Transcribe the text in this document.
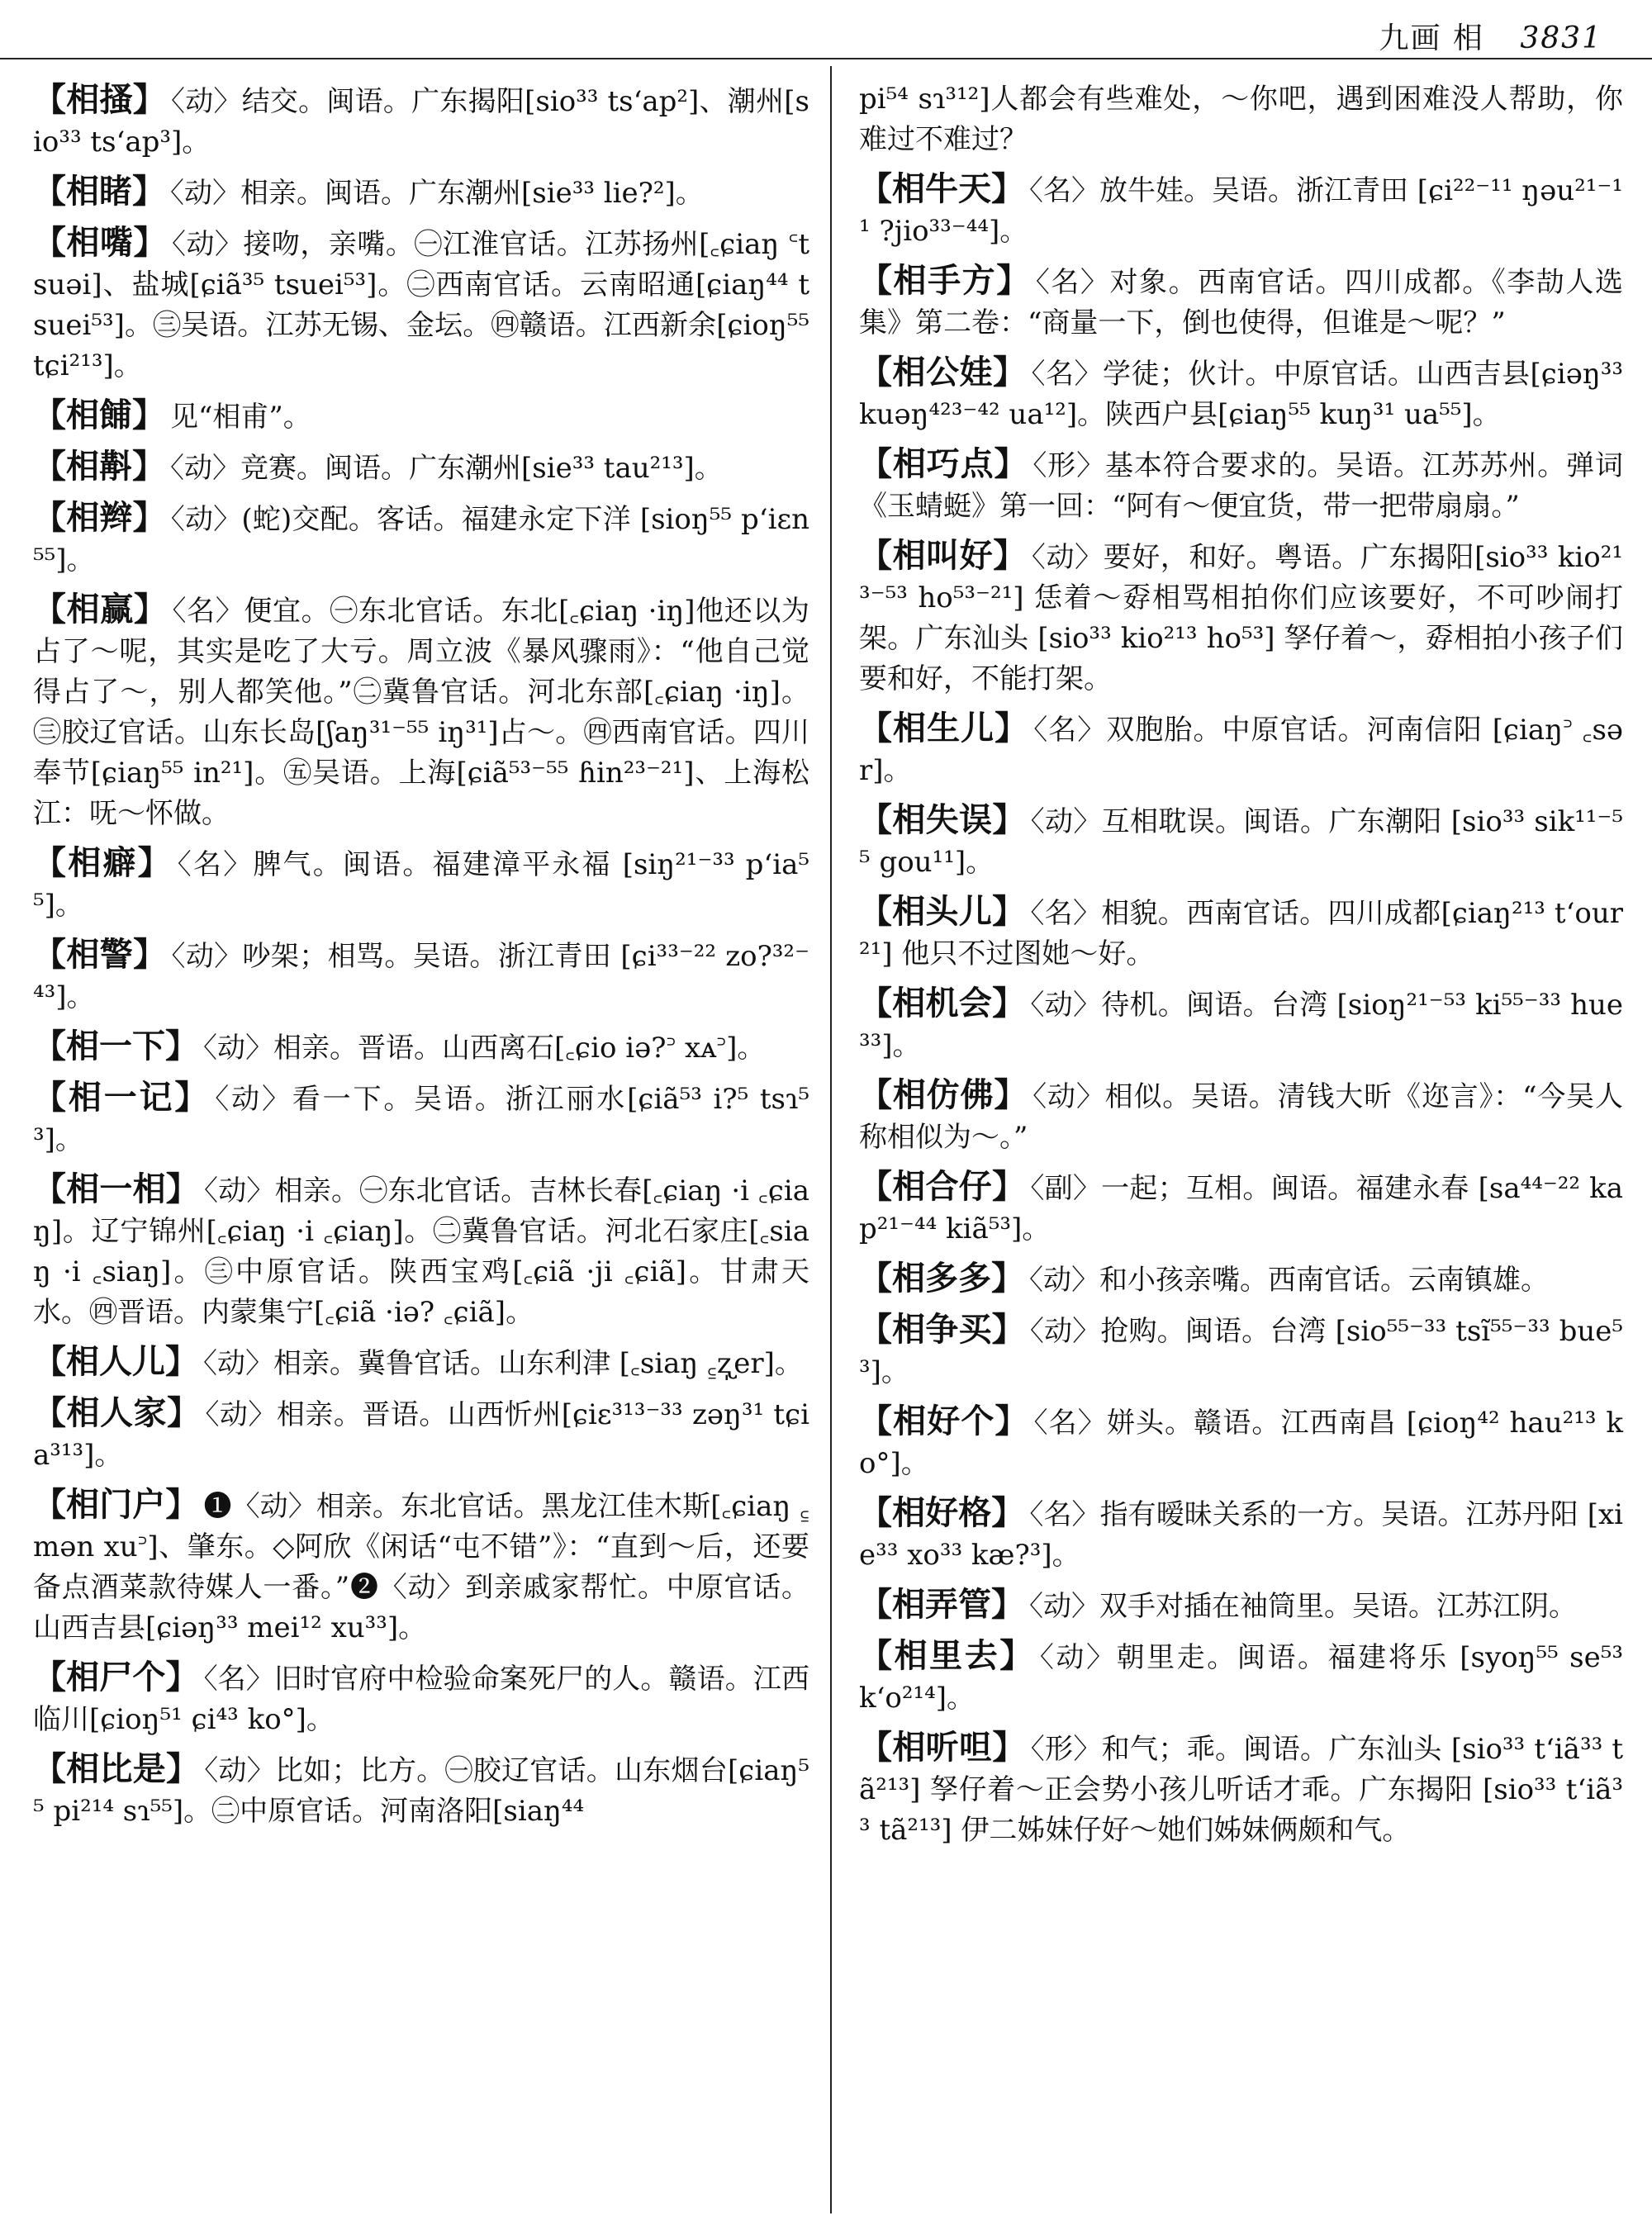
九画 相 3831

【相搔】 〈动〉结交。闽语。广东揭阳[sio³³ ts‘ap²]、潮州[sio³³ ts‘ap³]。

【相睹】 〈动〉相亲。闽语。广东潮州[sie³³ lie?²]。

【相嘴】 〈动〉接吻，亲嘴。㊀江淮官话。江苏扬州[꜀ɕiaŋ ꜂tsuəi]、盐城[ɕiã³⁵ tsuei⁵³]。㊁西南官话。云南昭通[ɕiaŋ⁴⁴ tsuei⁵³]。㊂吴语。江苏无锡、金坛。㊃赣语。江西新余[ɕioŋ⁵⁵ tɕi²¹³]。

【相餔】 见“相甫”。

【相斠】 〈动〉竞赛。闽语。广东潮州[sie³³ tau²¹³]。

【相辫】 〈动〉(蛇)交配。客话。福建永定下洋 [sioŋ⁵⁵ p‘iɛn⁵⁵]。

【相赢】 〈名〉便宜。㊀东北官话。东北[꜀ɕiaŋ ·iŋ]他还以为占了～呢，其实是吃了大亏。周立波《暴风骤雨》：“他自己觉得占了～，别人都笑他。”㊁冀鲁官话。河北东部[꜀ɕiaŋ ·iŋ]。㊂胶辽官话。山东长岛[ʃaŋ³¹⁻⁵⁵ iŋ³¹]占～。㊃西南官话。四川奉节[ɕiaŋ⁵⁵ in²¹]。㊄吴语。上海[ɕiã⁵³⁻⁵⁵ ɦin²³⁻²¹]、上海松江：呒～怀做。

【相癖】 〈名〉脾气。闽语。福建漳平永福 [siŋ²¹⁻³³ p‘ia⁵⁵]。

【相警】 〈动〉吵架；相骂。吴语。浙江青田 [ɕi³³⁻²² zo?³²⁻⁴³]。

【相一下】 〈动〉相亲。晋语。山西离石[꜀ɕio iə?꜄ xᴀ꜄]。

【相一记】 〈动〉看一下。吴语。浙江丽水[ɕiã⁵³ i?⁵ tsɿ⁵³]。

【相一相】 〈动〉相亲。㊀东北官话。吉林长春[꜀ɕiaŋ ·i ꜀ɕiaŋ]。辽宁锦州[꜀ɕiaŋ ·i ꜀ɕiaŋ]。㊁冀鲁官话。河北石家庄[꜀siaŋ ·i ꜀siaŋ]。㊂中原官话。陕西宝鸡[꜀ɕiã ·ji ꜀ɕiã]。甘肃天水。㊃晋语。内蒙集宁[꜀ɕiã ·iə? ꜀ɕiã]。

【相人儿】 〈动〉相亲。冀鲁官话。山东利津 [꜀siaŋ ꜁ʐ̩er]。

【相人家】 〈动〉相亲。晋语。山西忻州[ɕiɛ³¹³⁻³³ zəŋ³¹ tɕia³¹³]。

【相门户】 ❶〈动〉相亲。东北官话。黑龙江佳木斯[꜀ɕiaŋ ꜁mən xu꜄]、肇东。◇阿欣《闲话“屯不错”》：“直到～后，还要备点酒菜款待媒人一番。”❷〈动〉到亲戚家帮忙。中原官话。山西吉县[ɕiəŋ³³ mei¹² xu³³]。

【相尸个】 〈名〉旧时官府中检验命案死尸的人。赣语。江西临川[ɕioŋ⁵¹ ɕi⁴³ ko°]。

【相比是】 〈动〉比如；比方。㊀胶辽官话。山东烟台[ɕiaŋ⁵⁵ pi²¹⁴ sɿ⁵⁵]。㊁中原官话。河南洛阳[siaŋ⁴⁴

pi⁵⁴ sɿ³¹²]人都会有些难处，～你吧，遇到困难没人帮助，你难过不难过？

【相牛天】 〈名〉放牛娃。吴语。浙江青田 [ɕi²²⁻¹¹ ŋəu²¹⁻¹¹ ?jio³³⁻⁴⁴]。

【相手方】 〈名〉对象。西南官话。四川成都。《李劼人选集》第二卷：“商量一下，倒也使得，但谁是～呢？”

【相公娃】 〈名〉学徒；伙计。中原官话。山西吉县[ɕiəŋ³³ kuəŋ⁴²³⁻⁴² ua¹²]。陕西户县[ɕiaŋ⁵⁵ kuŋ³¹ ua⁵⁵]。

【相巧点】 〈形〉基本符合要求的。吴语。江苏苏州。弹词《玉蜻蜓》第一回：“阿有～便宜货，带一把带扇扇。”

【相叫好】 〈动〉要好，和好。粤语。广东揭阳[sio³³ kio²¹³⁻⁵³ ho⁵³⁻²¹] 恁着～孬相骂相拍你们应该要好，不可吵闹打架。广东汕头 [sio³³ kio²¹³ ho⁵³] 孥仔着～，孬相拍小孩子们要和好，不能打架。

【相生儿】 〈名〉双胞胎。中原官话。河南信阳 [ɕiaŋ꜄ ꜀sər]。

【相失误】 〈动〉互相耽误。闽语。广东潮阳 [sio³³ sik¹¹⁻⁵⁵ gou¹¹]。

【相头儿】 〈名〉相貌。西南官话。四川成都[ɕiaŋ²¹³ t‘our²¹] 他只不过图她～好。

【相机会】 〈动〉待机。闽语。台湾 [sioŋ²¹⁻⁵³ ki⁵⁵⁻³³ hue³³]。

【相仿佛】 〈动〉相似。吴语。清钱大昕《迩言》：“今吴人称相似为～。”

【相合仔】 〈副〉一起；互相。闽语。福建永春 [sa⁴⁴⁻²² kap²¹⁻⁴⁴ kiã⁵³]。

【相多多】 〈动〉和小孩亲嘴。西南官话。云南镇雄。

【相争买】 〈动〉抢购。闽语。台湾 [sio⁵⁵⁻³³ tsĩ⁵⁵⁻³³ bue⁵³]。

【相好个】 〈名〉姘头。赣语。江西南昌 [ɕioŋ⁴² hau²¹³ ko°]。

【相好格】 〈名〉指有暧昧关系的一方。吴语。江苏丹阳 [xie³³ xo³³ kæ?³]。

【相弄管】 〈动〉双手对插在袖筒里。吴语。江苏江阴。

【相里去】 〈动〉朝里走。闽语。福建将乐 [syoŋ⁵⁵ se⁵³ k‘o²¹⁴]。

【相听呾】 〈形〉和气；乖。闽语。广东汕头 [sio³³ t‘iã³³ tã²¹³] 孥仔着～正会势小孩儿听话才乖。广东揭阳 [sio³³ t‘iã³³ tã²¹³] 伊二姊妹仔好～她们姊妹俩颇和气。
